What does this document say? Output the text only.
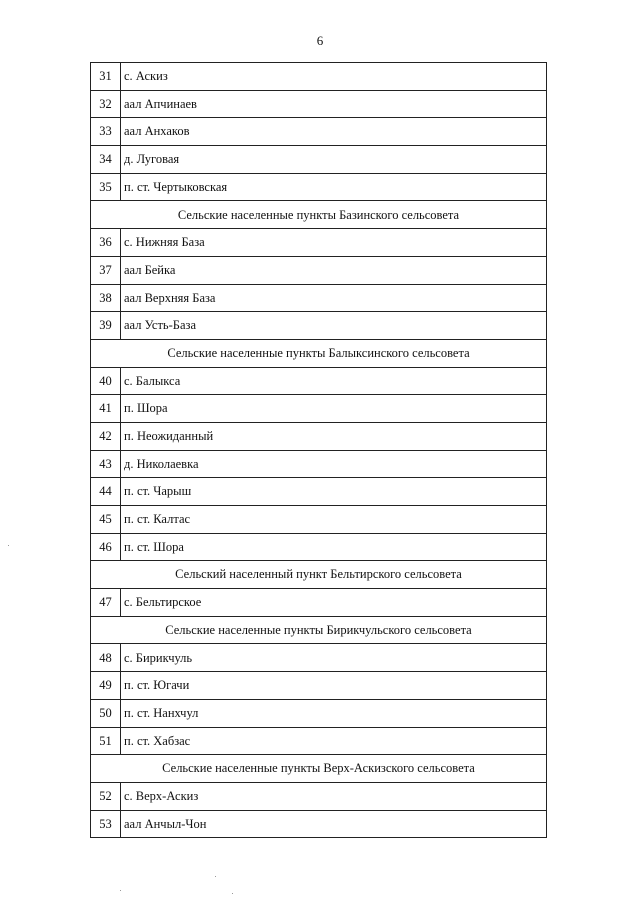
6
31	с. Аскиз
32	аал Апчинаев
33	аал Анхаков
34	д. Луговая
35	п. ст. Чертыковская
Сельские населенные пункты Базинского сельсовета	
36	с. Нижняя База
37	аал Бейка
38	аал Верхняя База
39	аал Усть-База
Сельские населенные пункты Балыксинского сельсовета	
40	с. Балыкса
41	п. Шора
42	п. Неожиданный
43	д. Николаевка
44	п. ст. Чарыш
45	п. ст. Калтас
46	п. ст. Шора
Сельский населенный пункт Бельтирского сельсовета	
47	с. Бельтирское
Сельские населенные пункты Бирикчульского сельсовета	
48	с. Бирикчуль
49	п. ст. Югачи
50	п. ст. Нанхчул
51	п. ст. Хабзас
Сельские населенные пункты Верх-Аскизского сельсовета	
52	с. Верх-Аскиз
53	аал Анчыл-Чон
